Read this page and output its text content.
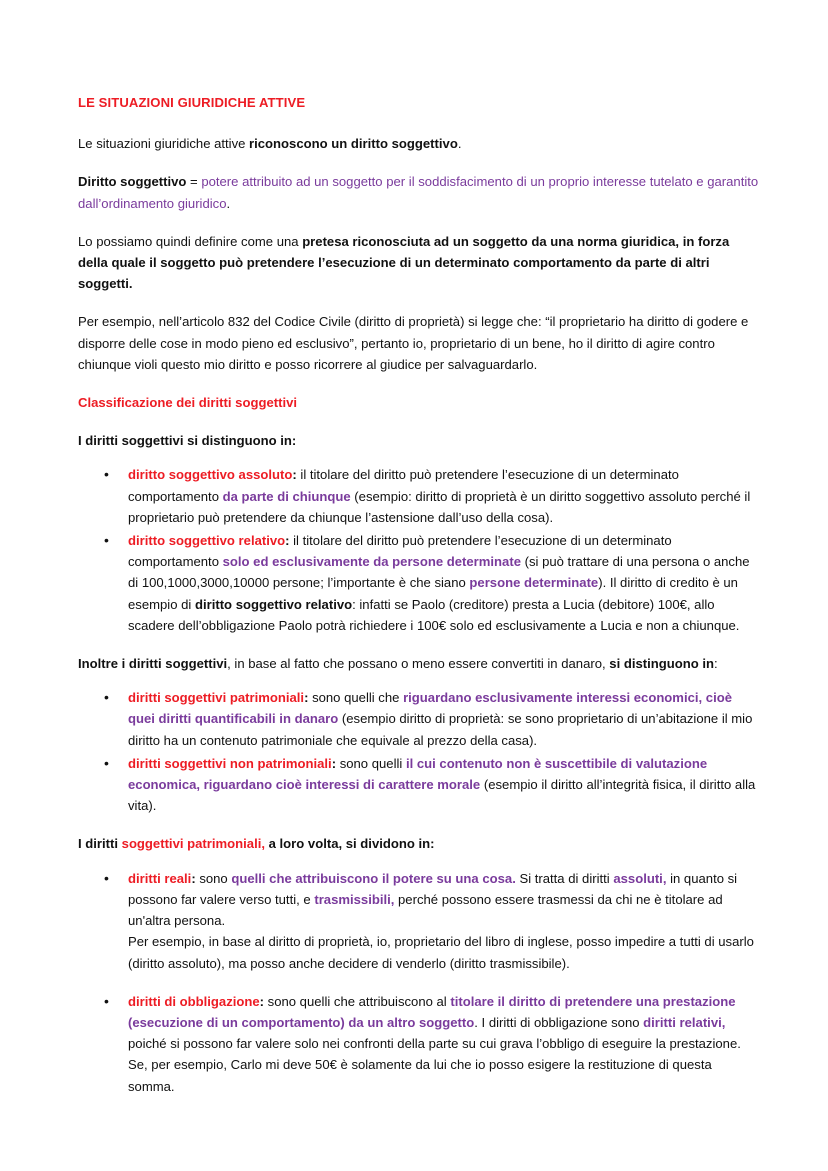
LE SITUAZIONI GIURIDICHE ATTIVE

Le situazioni giuridiche attive riconoscono un diritto soggettivo.

Diritto soggettivo = potere attribuito ad un soggetto per il soddisfacimento di un proprio interesse tutelato e garantito dall’ordinamento giuridico.

Lo possiamo quindi definire come una pretesa riconosciuta ad un soggetto da una norma giuridica, in forza della quale il soggetto può pretendere l’esecuzione di un determinato comportamento da parte di altri soggetti.

Per esempio, nell’articolo 832 del Codice Civile (diritto di proprietà) si legge che: “il proprietario ha diritto di godere e disporre delle cose in modo pieno ed esclusivo”, pertanto io, proprietario di un bene, ho il diritto di agire contro chiunque violi questo mio diritto e posso ricorrere al giudice per salvaguardarlo.

Classificazione dei diritti soggettivi

I diritti soggettivi si distinguono in:

• diritto soggettivo assoluto: il titolare del diritto può pretendere l’esecuzione di un determinato comportamento da parte di chiunque (esempio: diritto di proprietà è un diritto soggettivo assoluto perché il proprietario può pretendere da chiunque l’astensione dall’uso della cosa).
• diritto soggettivo relativo: il titolare del diritto può pretendere l’esecuzione di un determinato comportamento solo ed esclusivamente da persone determinate (si può trattare di una persona o anche di 100,1000,3000,10000 persone; l’importante è che siano persone determinate). Il diritto di credito è un esempio di diritto soggettivo relativo: infatti se Paolo (creditore) presta a Lucia (debitore) 100€, allo scadere dell’obbligazione Paolo potrà richiedere i 100€ solo ed esclusivamente a Lucia e non a chiunque.

Inoltre i diritti soggettivi, in base al fatto che possano o meno essere convertiti in danaro, si distinguono in:

• diritti soggettivi patrimoniali: sono quelli che riguardano esclusivamente interessi economici, cioè quei diritti quantificabili in danaro (esempio diritto di proprietà: se sono proprietario di un’abitazione il mio diritto ha un contenuto patrimoniale che equivale al prezzo della casa).
• diritti soggettivi non patrimoniali: sono quelli il cui contenuto non è suscettibile di valutazione economica, riguardano cioè interessi di carattere morale (esempio il diritto all’integrità fisica, il diritto alla vita).

I diritti soggettivi patrimoniali, a loro volta, si dividono in:

• diritti reali: sono quelli che attribuiscono il potere su una cosa. Si tratta di diritti assoluti, in quanto si possono far valere verso tutti, e trasmissibili, perché possono essere trasmessi da chi ne è titolare ad un'altra persona.
Per esempio, in base al diritto di proprietà, io, proprietario del libro di inglese, posso impedire a tutti di usarlo (diritto assoluto), ma posso anche decidere di venderlo (diritto trasmissibile).
• diritti di obbligazione: sono quelli che attribuiscono al titolare il diritto di pretendere una prestazione (esecuzione di un comportamento) da un altro soggetto. I diritti di obbligazione sono diritti relativi, poiché si possono far valere solo nei confronti della parte su cui grava l’obbligo di eseguire la prestazione. Se, per esempio, Carlo mi deve 50€ è solamente da lui che io posso esigere la restituzione di questa somma.
